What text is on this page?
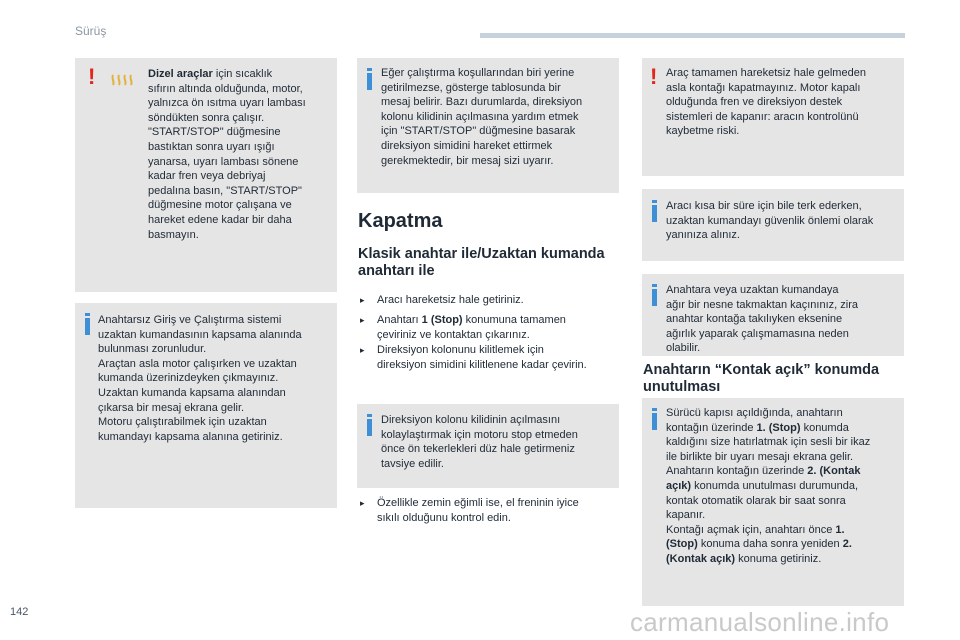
Sürüş
!	Dizel araçlar için sıcaklık
sıfırın altında olduğunda, motor,
yalnızca ön ısıtma uyarı lambası
söndükten sonra çalışır.
"START/STOP" düğmesine
bastıktan sonra uyarı ışığı
yanarsa, uyarı lambası sönene
kadar fren veya debriyaj
pedalına basın, "START/STOP"
düğmesine motor çalışana ve
hareket edene kadar bir daha
basmayın.
Anahtarsız Giriş ve Çalıştırma sistemi
uzaktan kumandasının kapsama alanında
bulunması zorunludur.
Araçtan asla motor çalışırken ve uzaktan
kumanda üzerinizdeyken çıkmayınız.
Uzaktan kumanda kapsama alanından
çıkarsa bir mesaj ekrana gelir.
Motoru çalıştırabilmek için uzaktan
kumandayı kapsama alanına getiriniz.
Eğer çalıştırma koşullarından biri yerine
getirilmezse, gösterge tablosunda bir
mesaj belirir. Bazı durumlarda, direksiyon
kolonu kilidinin açılmasına yardım etmek
için "START/STOP" düğmesine basarak
direksiyon simidini hareket ettirmek
gerekmektedir, bir mesaj sizi uyarır.
Kapatma
Klasik anahtar ile/Uzaktan kumanda anahtarı ile
▸ Aracı hareketsiz hale getiriniz.
▸ Anahtarı 1 (Stop) konumuna tamamen
çeviriniz ve kontaktan çıkarınız.
▸ Direksiyon kolonunu kilitlemek için
direksiyon simidini kilitlenene kadar çevirin.
Direksiyon kolonu kilidinin açılmasını
kolaylaştırmak için motoru stop etmeden
önce ön tekerlekleri düz hale getirmeniz
tavsiye edilir.
▸ Özellikle zemin eğimli ise, el freninin iyice
sıkılı olduğunu kontrol edin.
! Araç tamamen hareketsiz hale gelmeden
asla kontağı kapatmayınız. Motor kapalı
olduğunda fren ve direksiyon destek
sistemleri de kapanır: aracın kontrolünü
kaybetme riski.
Aracı kısa bir süre için bile terk ederken,
uzaktan kumandayı güvenlik önlemi olarak
yanınıza alınız.
Anahtara veya uzaktan kumandaya
ağır bir nesne takmaktan kaçınınız, zira
anahtar kontağa takılıyken eksenine
ağırlık yaparak çalışmamasına neden
olabilir.
Anahtarın “Kontak açık” konumda unutulması
Sürücü kapısı açıldığında, anahtarın
kontağın üzerinde 1. (Stop) konumda
kaldığını size hatırlatmak için sesli bir ikaz
ile birlikte bir uyarı mesajı ekrana gelir.
Anahtarın kontağın üzerinde 2. (Kontak
açık) konumda unutulması durumunda,
kontak otomatik olarak bir saat sonra
kapanır.
Kontağı açmak için, anahtarı önce 1.
(Stop) konuma daha sonra yeniden 2.
(Kontak açık) konuma getiriniz.
142	carmanualsonline.info
